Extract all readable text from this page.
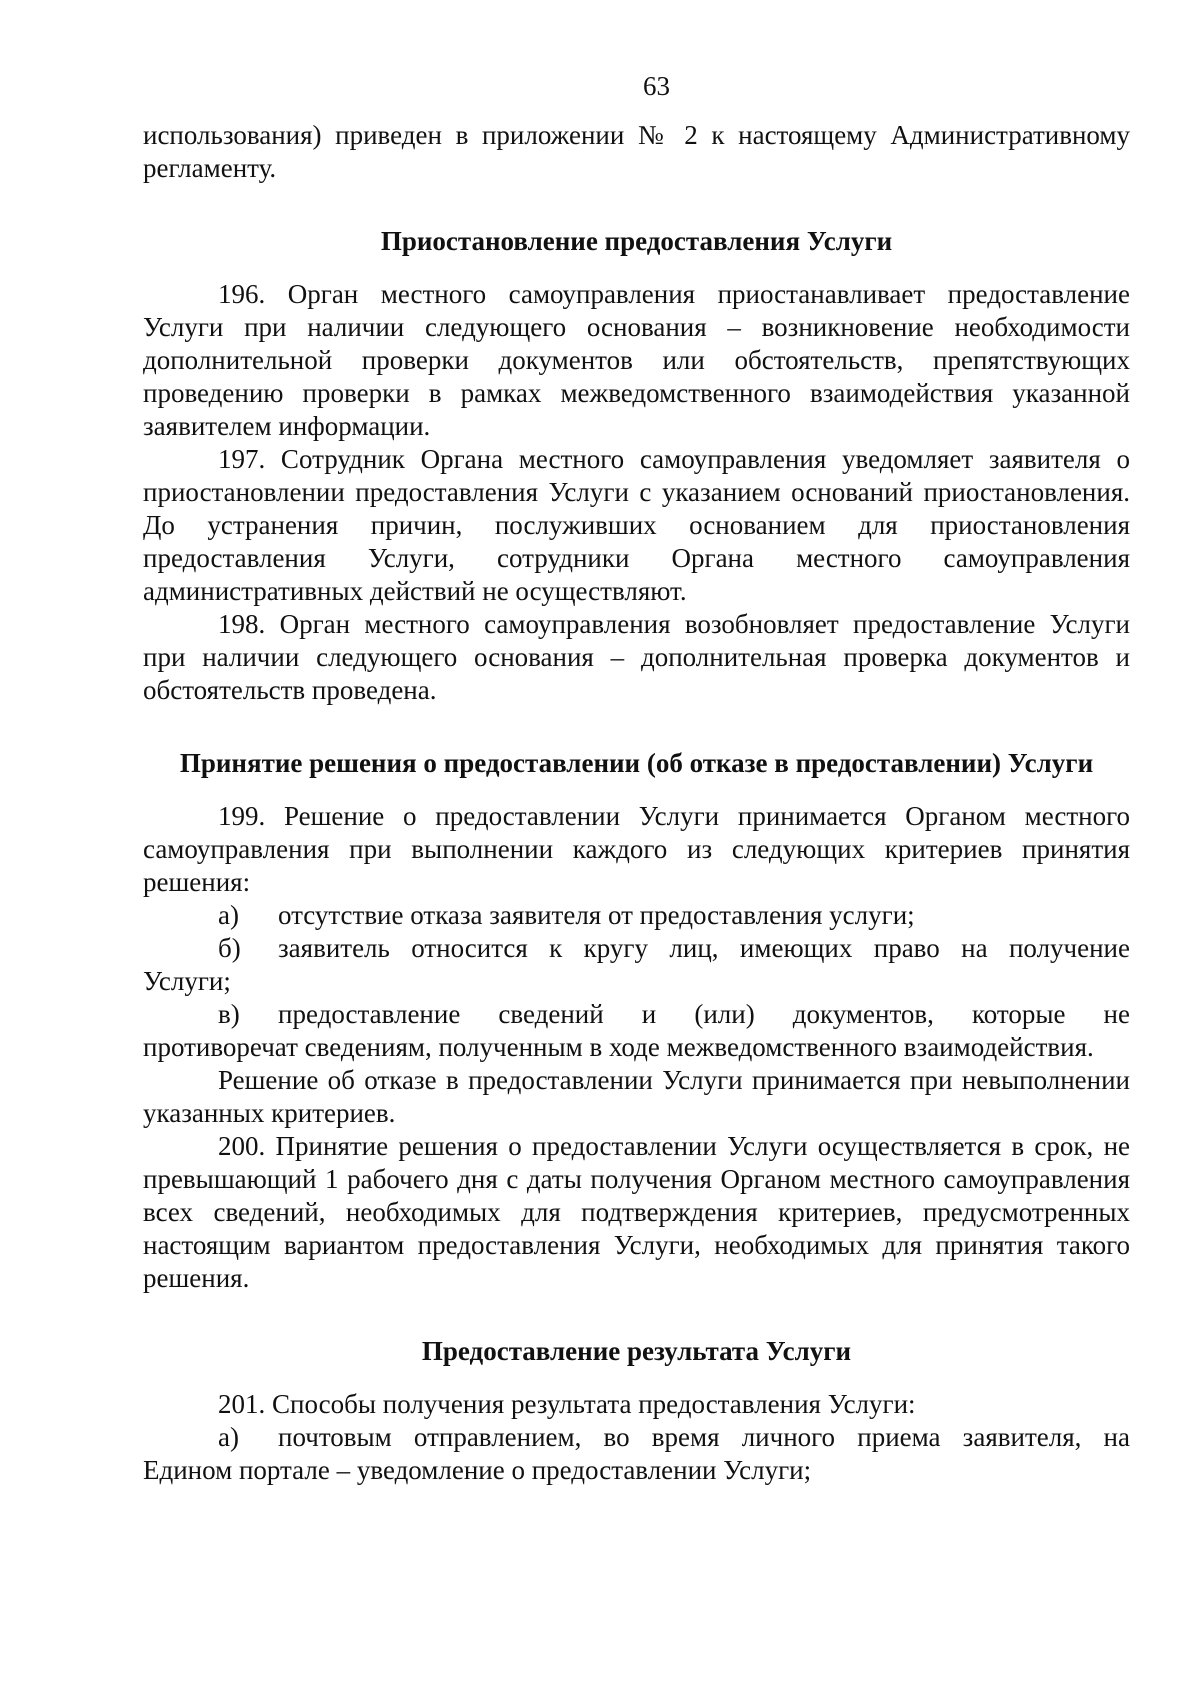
63

использования) приведен в приложении № 2 к настоящему Административному регламенту.

Приостановление предоставления Услуги

196. Орган местного самоуправления приостанавливает предоставление Услуги при наличии следующего основания – возникновение необходимости дополнительной проверки документов или обстоятельств, препятствующих проведению проверки в рамках межведомственного взаимодействия указанной заявителем информации.

197. Сотрудник Органа местного самоуправления уведомляет заявителя о приостановлении предоставления Услуги с указанием оснований приостановления. До устранения причин, послуживших основанием для приостановления предоставления Услуги, сотрудники Органа местного самоуправления административных действий не осуществляют.

198. Орган местного самоуправления возобновляет предоставление Услуги при наличии следующего основания – дополнительная проверка документов и обстоятельств проведена.

Принятие решения о предоставлении (об отказе в предоставлении) Услуги

199. Решение о предоставлении Услуги принимается Органом местного самоуправления при выполнении каждого из следующих критериев принятия решения:

а)	отсутствие отказа заявителя от предоставления услуги;
б)	заявитель относится к кругу лиц, имеющих право на получение
Услуги;
в)	предоставление сведений и (или) документов, которые не
противоречат сведениям, полученным в ходе межведомственного взаимодействия.

Решение об отказе в предоставлении Услуги принимается при невыполнении указанных критериев.

200. Принятие решения о предоставлении Услуги осуществляется в срок, не превышающий 1 рабочего дня с даты получения Органом местного самоуправления всех сведений, необходимых для подтверждения критериев, предусмотренных настоящим вариантом предоставления Услуги, необходимых для принятия такого решения.

Предоставление результата Услуги

201. Способы получения результата предоставления Услуги:

а)	почтовым отправлением, во время личного приема заявителя, на
Едином портале – уведомление о предоставлении Услуги;
